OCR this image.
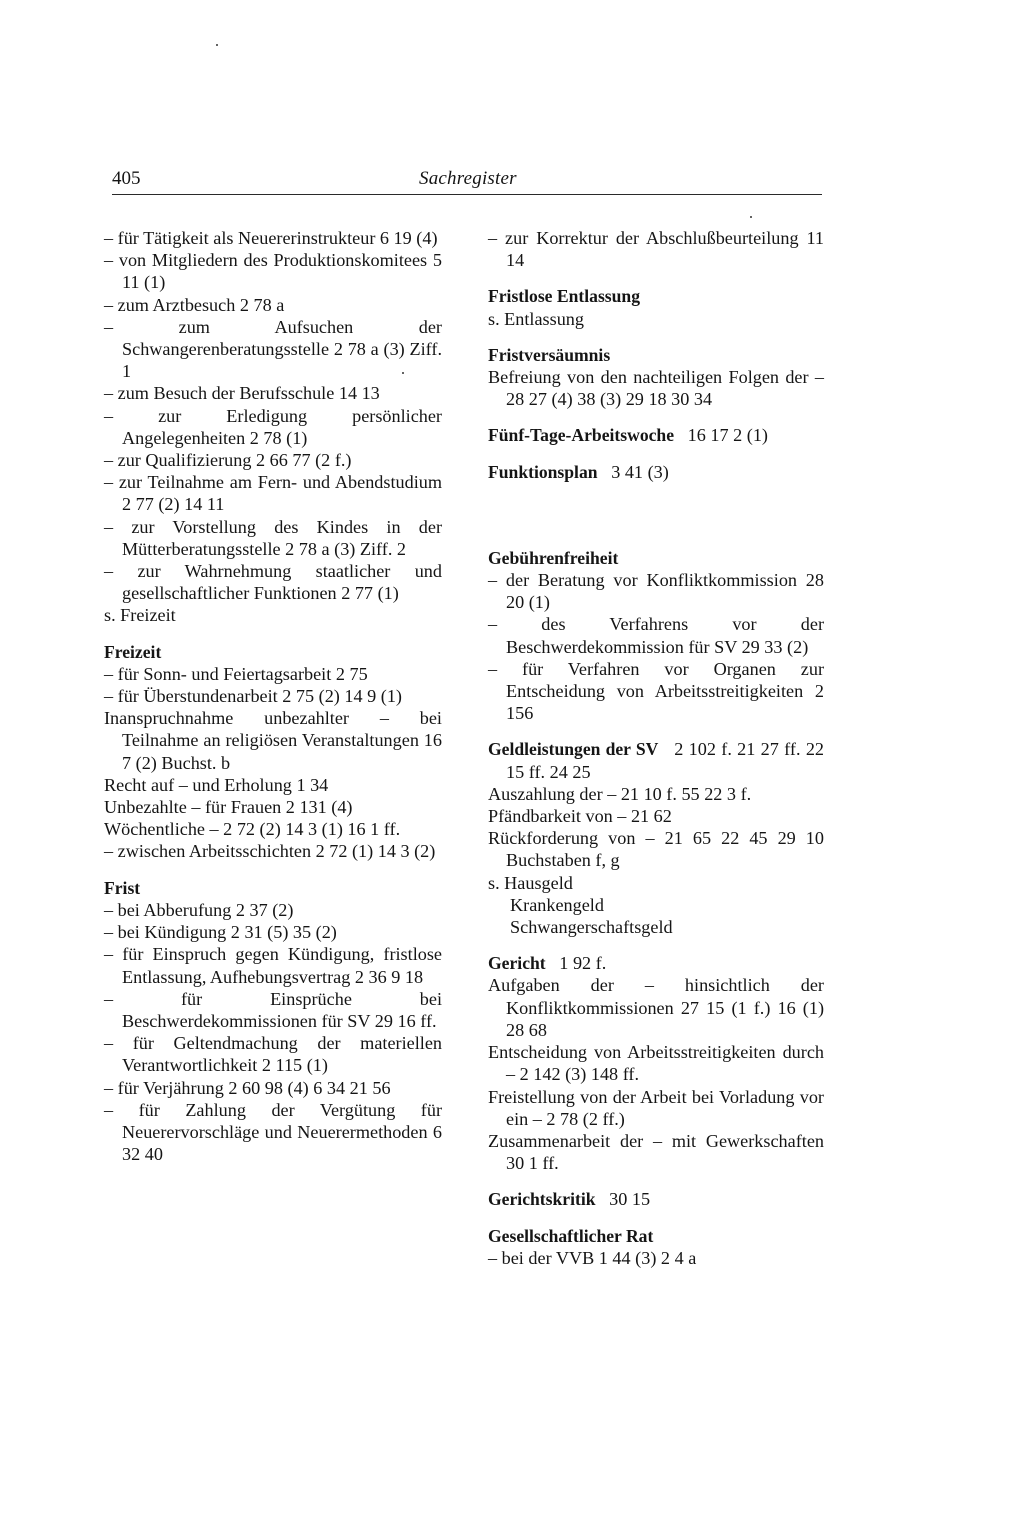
405	Sachregister
– für Tätigkeit als Neuererinstrukteur 6 19 (4)
– von Mitgliedern des Produktionskomitees 5 11 (1)
– zum Arztbesuch 2 78 a
– zum Aufsuchen der Schwangerenberatungsstelle 2 78 a (3) Ziff. 1
– zum Besuch der Berufsschule 14 13
– zur Erledigung persönlicher Angelegenheiten 2 78 (1)
– zur Qualifizierung 2 66 77 (2 f.)
– zur Teilnahme am Fern- und Abendstudium 2 77 (2) 14 11
– zur Vorstellung des Kindes in der Mütterberatungsstelle 2 78 a (3) Ziff. 2
– zur Wahrnehmung staatlicher und gesellschaftlicher Funktionen 2 77 (1)
s. Freizeit
Freizeit
– für Sonn- und Feiertagsarbeit 2 75
– für Überstundenarbeit 2 75 (2) 14 9 (1)
Inanspruchnahme unbezahlter – bei Teilnahme an religiösen Veranstaltungen 16 7 (2) Buchst. b
Recht auf – und Erholung 1 34
Unbezahlte – für Frauen 2 131 (4)
Wöchentliche – 2 72 (2) 14 3 (1) 16 1 ff.
– zwischen Arbeitsschichten 2 72 (1) 14 3 (2)
Frist
– bei Abberufung 2 37 (2)
– bei Kündigung 2 31 (5) 35 (2)
– für Einspruch gegen Kündigung, fristlose Entlassung, Aufhebungsvertrag 2 36 9 18
– für Einsprüche bei Beschwerdekommissionen für SV 29 16 ff.
– für Geltendmachung der materiellen Verantwortlichkeit 2 115 (1)
– für Verjährung 2 60 98 (4) 6 34 21 56
– für Zahlung der Vergütung für Neuerervorschläge und Neuerermethoden 6 32 40
– zur Korrektur der Abschlußbeurteilung 11 14
Fristlose Entlassung
s. Entlassung
Fristversäumnis
Befreiung von den nachteiligen Folgen der – 28 27 (4) 38 (3) 29 18 30 34
Fünf-Tage-Arbeitswoche 16 17 2 (1)
Funktionsplan 3 41 (3)
Gebührenfreiheit
– der Beratung vor Konfliktkommission 28 20 (1)
– des Verfahrens vor der Beschwerdekommission für SV 29 33 (2)
– für Verfahren vor Organen zur Entscheidung von Arbeitsstreitigkeiten 2 156
Geldleistungen der SV 2 102 f. 21 27 ff. 22 15 ff. 24 25
Auszahlung der – 21 10 f. 55 22 3 f.
Pfändbarkeit von – 21 62
Rückforderung von – 21 65 22 45 29 10 Buchstaben f, g
s. Hausgeld
Krankengeld
Schwangerschaftsgeld
Gericht 1 92 f.
Aufgaben der – hinsichtlich der Konfliktkommissionen 27 15 (1 f.) 16 (1) 28 68
Entscheidung von Arbeitsstreitigkeiten durch – 2 142 (3) 148 ff.
Freistellung von der Arbeit bei Vorladung vor ein – 2 78 (2 ff.)
Zusammenarbeit der – mit Gewerkschaften 30 1 ff.
Gerichtskritik 30 15
Gesellschaftlicher Rat
– bei der VVB 1 44 (3) 2 4 a
